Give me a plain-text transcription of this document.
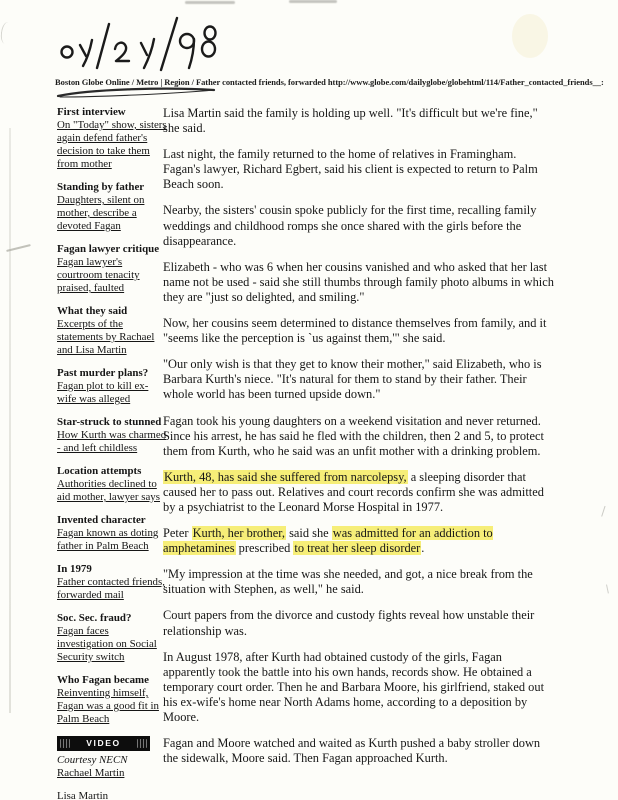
Boston Globe Online / Metro | Region / Father contacted friends, forwarded http://www.globe.com/dailyglobe/globehtml/114/Father_contacted_friends__:
First interview
On "Today" show, sisters again defend father's decision to take them from mother
Standing by father
Daughters, silent on mother, describe a devoted Fagan
Fagan lawyer critique
Fagan lawyer's courtroom tenacity praised, faulted
What they said
Excerpts of the statements by Rachael and Lisa Martin
Past murder plans?
Fagan plot to kill ex-wife was alleged
Star-struck to stunned
How Kurth was charmed - and left childless
Location attempts
Authorities declined to aid mother, lawyer says
Invented character
Fagan known as doting father in Palm Beach
In 1979
Father contacted friends, forwarded mail
Soc. Sec. fraud?
Fagan faces investigation on Social Security switch
Who Fagan became
Reinventing himself, Fagan was a good fit in Palm Beach
VIDEO
Courtesy NECN
Rachael Martin
Lisa Martin

Lisa Martin said the family is holding up well. "It's difficult but we're fine," she said.

Last night, the family returned to the home of relatives in Framingham. Fagan's lawyer, Richard Egbert, said his client is expected to return to Palm Beach soon.

Nearby, the sisters' cousin spoke publicly for the first time, recalling family weddings and childhood romps she once shared with the girls before the disappearance.

Elizabeth - who was 6 when her cousins vanished and who asked that her last name not be used - said she still thumbs through family photo albums in which they are "just so delighted, and smiling."

Now, her cousins seem determined to distance themselves from family, and it "seems like the perception is `us against them,'" she said.

"Our only wish is that they get to know their mother," said Elizabeth, who is Barbara Kurth's niece. "It's natural for them to stand by their father. Their whole world has been turned upside down."

Fagan took his young daughters on a weekend visitation and never returned. Since his arrest, he has said he fled with the children, then 2 and 5, to protect them from Kurth, who he said was an unfit mother with a drinking problem.

Kurth, 48, has said she suffered from narcolepsy, a sleeping disorder that caused her to pass out. Relatives and court records confirm she was admitted by a psychiatrist to the Leonard Morse Hospital in 1977.

Peter Kurth, her brother, said she was admitted for an addiction to amphetamines prescribed to treat her sleep disorder.

"My impression at the time was she needed, and got, a nice break from the situation with Stephen, as well," he said.

Court papers from the divorce and custody fights reveal how unstable their relationship was.

In August 1978, after Kurth had obtained custody of the girls, Fagan apparently took the battle into his own hands, records show. He obtained a temporary court order. Then he and Barbara Moore, his girlfriend, staked out his ex-wife's home near North Adams home, according to a deposition by Moore.

Fagan and Moore watched and waited as Kurth pushed a baby stroller down the sidewalk, Moore said. Then Fagan approached Kurth.
